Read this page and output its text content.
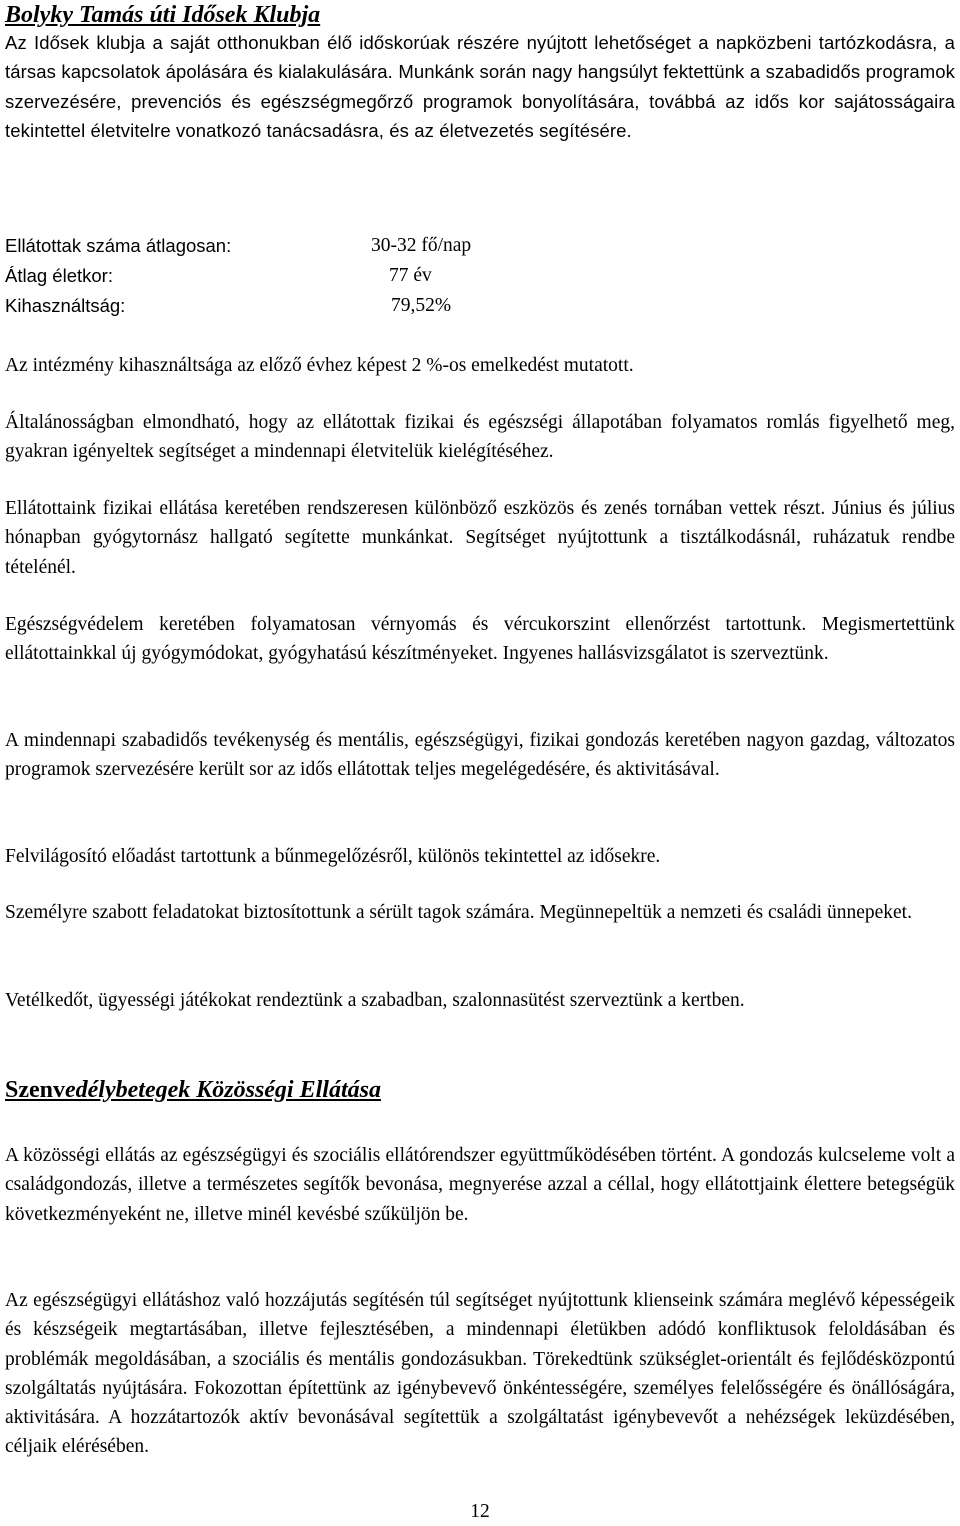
Bolyky Tamás úti Idősek Klubja

Az Idősek klubja a saját otthonukban élő időskorúak részére nyújtott lehetőséget a napközbeni tartózkodásra, a társas kapcsolatok ápolására és kialakulására. Munkánk során nagy hangsúlyt fektettünk a szabadidős programok szervezésére, prevenciós és egészségmegőrző programok bonyolítására, továbbá az idős kor sajátosságaira tekintettel életvitelre vonatkozó tanácsadásra, és az életvezetés segítésére.

Ellátottak száma átlagosan:	30-32 fő/nap
Átlag életkor:	77 év
Kihasználtság:	79,52%

Az intézmény kihasználtsága az előző évhez képest 2 %-os emelkedést mutatott.

Általánosságban elmondható, hogy az ellátottak fizikai és egészségi állapotában folyamatos romlás figyelhető meg, gyakran igényeltek segítséget a mindennapi életvitelük kielégítéséhez.

Ellátottaink fizikai ellátása keretében rendszeresen különböző eszközös és zenés tornában vettek részt. Június és július hónapban gyógytornász hallgató segítette munkánkat. Segítséget nyújtottunk a tisztálkodásnál, ruházatuk rendbe tételénél.

Egészségvédelem keretében folyamatosan vérnyomás és vércukorszint ellenőrzést tartottunk. Megismertettünk ellátottainkkal új gyógymódokat, gyógyhatású készítményeket. Ingyenes hallásvizsgálatot is szerveztünk.

A mindennapi szabadidős tevékenység és mentális, egészségügyi, fizikai gondozás keretében nagyon gazdag, változatos programok szervezésére került sor az idős ellátottak teljes megelégedésére, és aktivitásával.

Felvilágosító előadást tartottunk a bűnmegelőzésről, különös tekintettel az idősekre.

Személyre szabott feladatokat biztosítottunk a sérült tagok számára. Megünnepeltük a nemzeti és családi ünnepeket.

Vetélkedőt, ügyességi játékokat rendeztünk a szabadban, szalonnasütést szerveztünk a kertben.

Szenvedélybetegek Közösségi Ellátása

A közösségi ellátás az egészségügyi és szociális ellátórendszer együttműködésében történt. A gondozás kulcseleme volt a családgondozás, illetve a természetes segítők bevonása, megnyerése azzal a céllal, hogy ellátottjaink élettere betegségük következményeként ne, illetve minél kevésbé szűküljön be.

Az egészségügyi ellátáshoz való hozzájutás segítésén túl segítséget nyújtottunk klienseink számára meglévő képességeik és készségeik megtartásában, illetve fejlesztésében, a mindennapi életükben adódó konfliktusok feloldásában és problémák megoldásában, a szociális és mentális gondozásukban. Törekedtünk szükséglet-orientált és fejlődésközpontú szolgáltatás nyújtására. Fokozottan építettünk az igénybevevő önkéntességére, személyes felelősségére és önállóságára, aktivitására. A hozzátartozók aktív bevonásával segítettük a szolgáltatást igénybevevőt a nehézségek leküzdésében, céljaik elérésében.

12
